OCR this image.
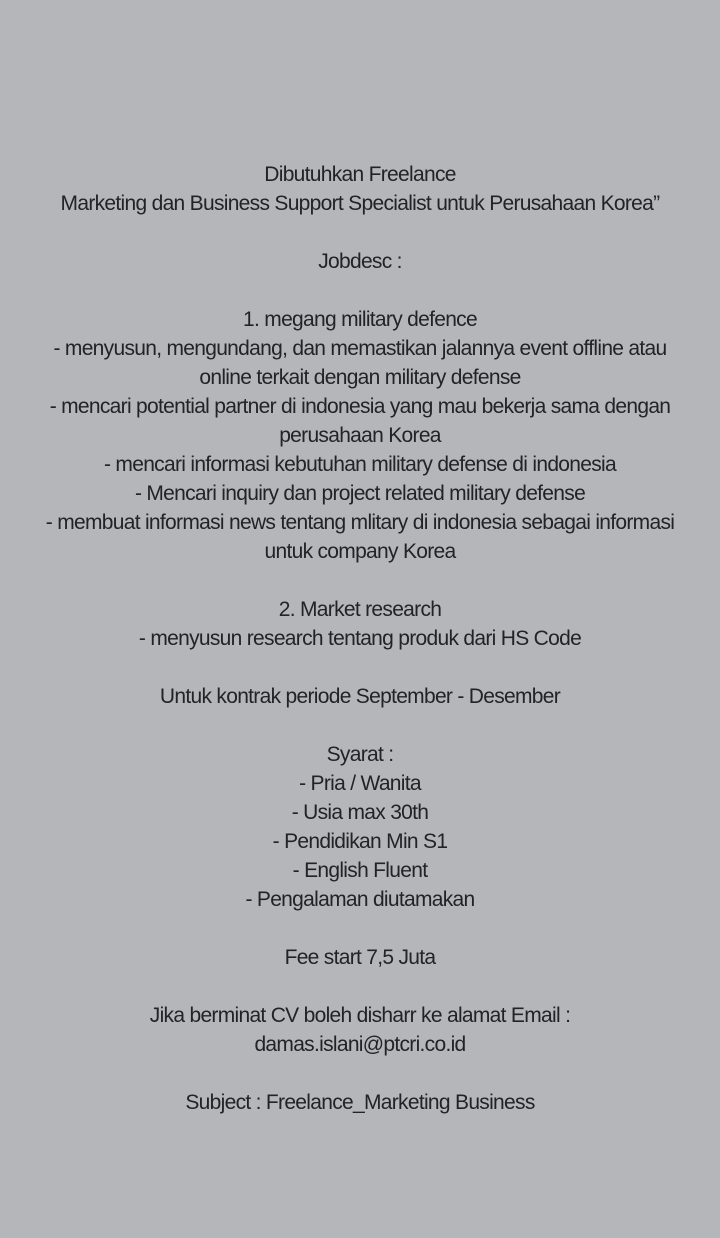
Dibutuhkan Freelance
Marketing dan Business Support Specialist untuk Perusahaan Korea”
Jobdesc :
1. megang military defence
- menyusun, mengundang, dan memastikan jalannya event offline atau online terkait dengan military defense
- mencari potential partner di indonesia yang mau bekerja sama dengan perusahaan Korea
- mencari informasi kebutuhan military defense di indonesia
- Mencari inquiry dan project related military defense
- membuat informasi news tentang mlitary di indonesia sebagai informasi untuk company Korea
2. Market research
- menyusun research tentang produk dari HS Code
Untuk kontrak periode September - Desember
Syarat :
- Pria / Wanita
- Usia max 30th
- Pendidikan Min S1
- English Fluent
- Pengalaman diutamakan
Fee start 7,5 Juta
Jika berminat CV boleh disharr ke alamat Email :
damas.islani@ptcri.co.id
Subject : Freelance_Marketing Business
